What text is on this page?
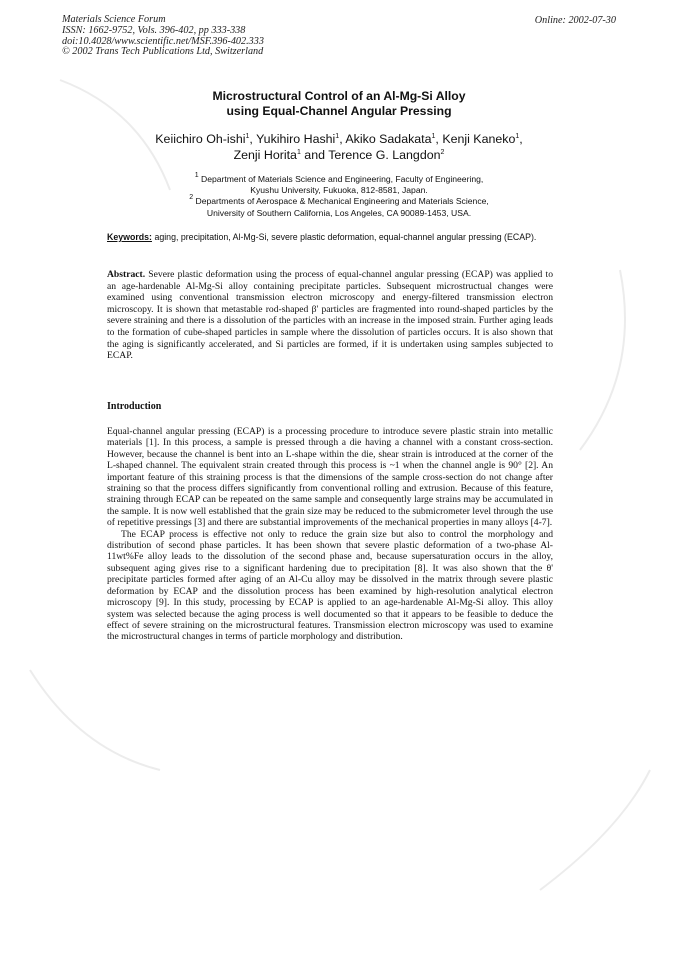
Materials Science Forum
ISSN: 1662-9752, Vols. 396-402, pp 333-338
doi:10.4028/www.scientific.net/MSF.396-402.333
© 2002 Trans Tech Publications Ltd, Switzerland
Online: 2002-07-30
Microstructural Control of an Al-Mg-Si Alloy
using Equal-Channel Angular Pressing
Keiichiro Oh-ishi$^1$, Yukihiro Hashi$^1$, Akiko Sadakata$^1$, Kenji Kaneko$^1$,
Zenji Horita$^1$ and Terence G. Langdon$^2$
$^1$ Department of Materials Science and Engineering, Faculty of Engineering,
Kyushu University, Fukuoka, 812-8581, Japan.
$^2$ Departments of Aerospace & Mechanical Engineering and Materials Science,
University of Southern California, Los Angeles, CA 90089-1453, USA.
Keywords: aging, precipitation, Al-Mg-Si, severe plastic deformation, equal-channel angular pressing (ECAP).
Abstract. Severe plastic deformation using the process of equal-channel angular pressing (ECAP) was applied to an age-hardenable Al-Mg-Si alloy containing precipitate particles. Subsequent microstructual changes were examined using conventional transmission electron microscopy and energy-filtered transmission electron microscopy. It is shown that metastable rod-shaped β' particles are fragmented into round-shaped particles by the severe straining and there is a dissolution of the particles with an increase in the imposed strain. Further aging leads to the formation of cube-shaped particles in sample where the dissolution of particles occurs. It is also shown that the aging is significantly accelerated, and Si particles are formed, if it is undertaken using samples subjected to ECAP.
Introduction

Equal-channel angular pressing (ECAP) is a processing procedure to introduce severe plastic strain into metallic materials [1]. In this process, a sample is pressed through a die having a channel with a constant cross-section. However, because the channel is bent into an L-shape within the die, shear strain is introduced at the corner of the L-shaped channel. The equivalent strain created through this process is ~1 when the channel angle is 90° [2]. An important feature of this straining process is that the dimensions of the sample cross-section do not change after straining so that the process differs significantly from conventional rolling and extrusion. Because of this feature, straining through ECAP can be repeated on the same sample and consequently large strains may be accumulated in the sample. It is now well established that the grain size may be reduced to the submicrometer level through the use of repetitive pressings [3] and there are substantial improvements of the mechanical properties in many alloys [4-7].

The ECAP process is effective not only to reduce the grain size but also to control the morphology and distribution of second phase particles. It has been shown that severe plastic deformation of a two-phase Al-11wt%Fe alloy leads to the dissolution of the second phase and, because supersaturation occurs in the alloy, subsequent aging gives rise to a significant hardening due to precipitation [8]. It was also shown that the θ' precipitate particles formed after aging of an Al-Cu alloy may be dissolved in the matrix through severe plastic deformation by ECAP and the dissolution process has been examined by high-resolution analytical electron microscopy [9]. In this study, processing by ECAP is applied to an age-hardenable Al-Mg-Si alloy. This alloy system was selected because the aging process is well documented so that it appears to be feasible to deduce the effect of severe straining on the microstructural features. Transmission electron microscopy was used to examine the microstructural changes in terms of particle morphology and distribution.
